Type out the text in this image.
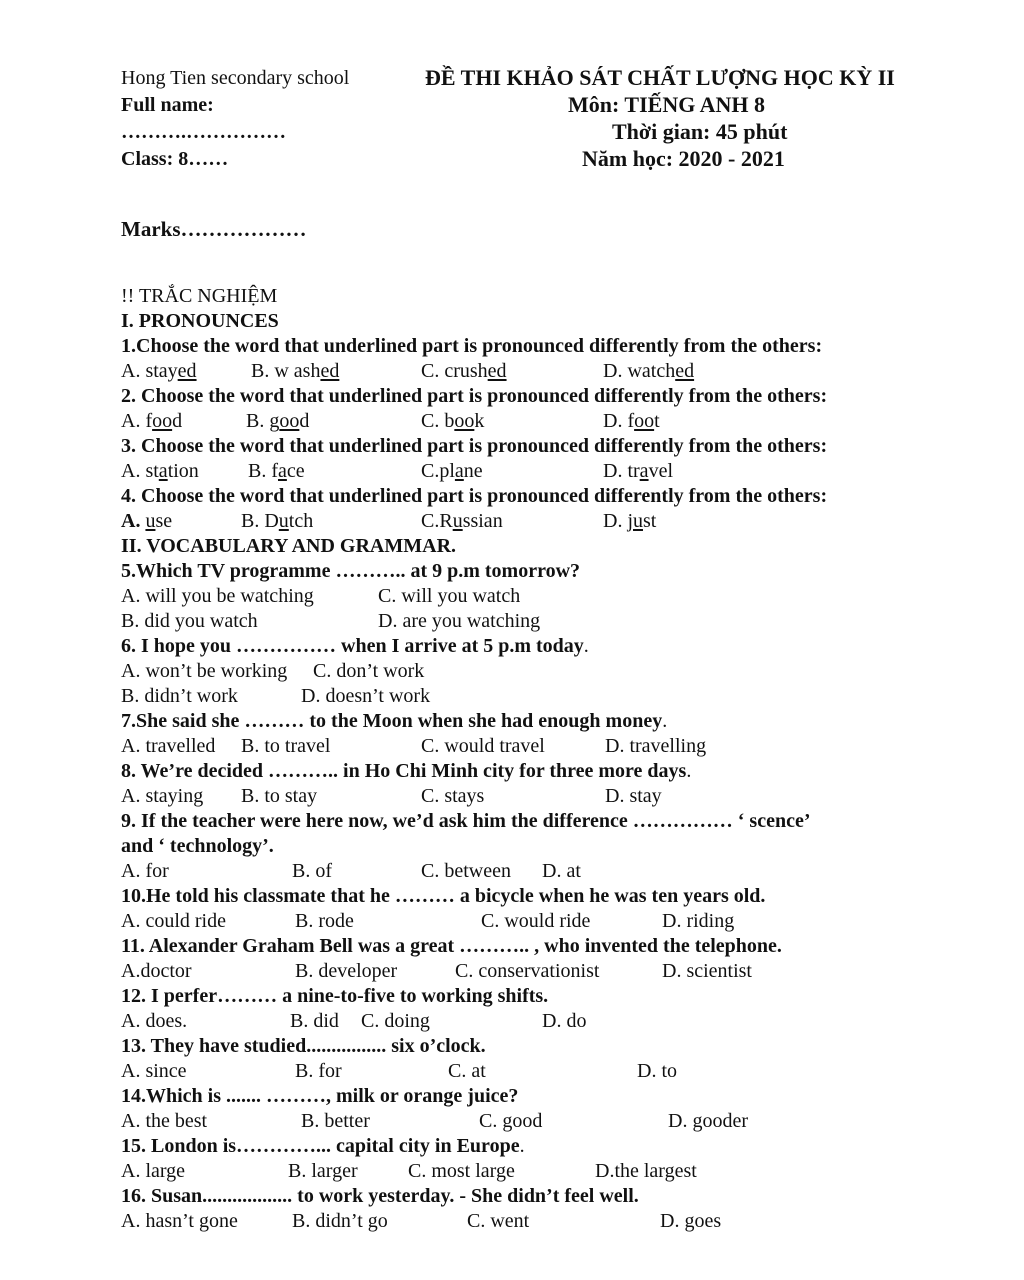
Hong Tien secondary school	ĐỀ THI KHẢO SÁT CHẤT LƯỢNG HỌC KỲ II
Full name:	Môn: TIẾNG ANH 8
……….……………	Thời gian: 45 phút
Class: 8……	Năm học: 2020 - 2021
Marks………………
!! TRẮC NGHIỆM
I. PRONOUNCES
1.Choose the word that underlined part is pronounced differently from the others:
A. stayed	B. w ashed	C. crushed	D. watched
2. Choose the word that underlined part is pronounced differently from the others:
A. food	B. good	C. book	D. foot
3. Choose the word that underlined part is pronounced differently from the others:
A. station B. face	C.plane	D. travel
4. Choose the word that underlined part is pronounced differently from the others:
A. use	B. Dutch	C.Russian	D. just
II. VOCABULARY AND GRAMMAR.
5.Which TV programme ……….. at 9 p.m tomorrow?
A. will you be watching	C. will you watch
B. did you watch	D. are you watching
6. I hope you …………… when I arrive at 5 p.m today.
A. won’t be working C. don’t work
B. didn’t work	D. doesn’t work
7.She said she ……… to the Moon when she had enough money.
A. travelled B. to travel	C. would travel	D. travelling
8. We’re decided ……….. in Ho Chi Minh city for three more days.
A. staying B. to stay	C. stays	D. stay
9. If the teacher were here now, we’d ask him the difference …………… ‘ scence’
and ‘ technology’.
A. for	B. of	C. between D. at
10.He told his classmate that he ……… a bicycle when he was ten years old.
A. could ride	B. rode	C. would ride	D. riding
11. Alexander Graham Bell was a great ……….. , who invented the telephone.
A.doctor	B. developer	C. conservationist	D. scientist
12. I perfer……… a nine-to-five to working shifts.
A. does.	B. did C. doing	D. do
13. They have studied................ six o’clock.
A. since	B. for	C. at	D. to
14.Which is ....... ………, milk or orange juice?
A. the best	B. better	C. good	D. gooder
15. London is…………... capital city in Europe.
A. large	B. larger	C. most large	D.the largest
16. Susan.................. to work yesterday. - She didn’t feel well.
A. hasn’t gone	B. didn’t go	C. went	D. goes
